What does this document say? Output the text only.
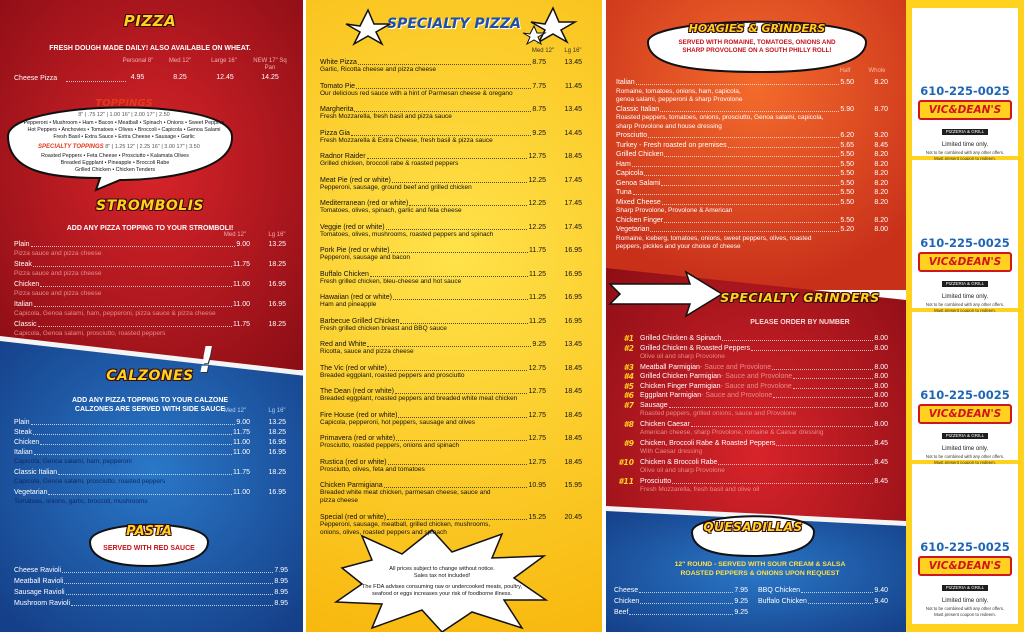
PIZZA
FRESH DOUGH MADE DAILY! ALSO AVAILABLE ON WHEAT.
Personal 8"	Med 12"	Large 16"	NEW 17" Sq Pan
Cheese Pizza	4.95	8.25	12.45	14.25
TOPPINGS
8" | .75 12" | 1.00 16" | 2.00 17" | 2.50
Pepperoni • Mushroom • Ham • Bacon • Meatball • Spinach • Onions • Sweet Peppers
Hot Peppers • Anchovies • Tomatoes • Olives • Broccoli • Capicola • Genoa Salami
Fresh Basil • Extra Sauce • Extra Cheese • Sausage • Garlic
SPECIALTY TOPPINGS 8" | 1.25 12" | 2.25 16" | 3.00 17" | 3.50
Roasted Peppers • Feta Cheese • Prosciutto • Kalamata Olives
Breaded Eggplant • Pineapple • Broccoli Rabe
Grilled Chicken • Chicken Tenders
STROMBOLIS
ADD ANY PIZZA TOPPING TO YOUR STROMBOLI!
Med 12"	Lg 16"
CALZONES !
ADD ANY PIZZA TOPPING TO YOUR CALZONE
CALZONES ARE SERVED WITH SIDE SAUCE
Med 12"	Lg 16"
PASTA
SERVED WITH RED SAUCE
SPECIALTY PIZZA
Med 12"	Lg 16"
All prices subject to change without notice.
Sales tax not included!
The FDA advises consuming raw or undercooked meats, poultry,
seafood or eggs increases your risk of foodborne illness.
HOAGIES & GRINDERS
SERVED WITH ROMAINE, TOMATOES, ONIONS AND
SHARP PROVOLONE ON A SOUTH PHILLY ROLL!
Half	Whole
SPECIALTY GRINDERS
PLEASE ORDER BY NUMBER
QUESADILLAS
12" ROUND - SERVED WITH SOUR CREAM & SALSA
ROASTED PEPPERS & ONIONS UPON REQUEST
Plain	9.00	13.25
Pizza sauce and pizza cheese
Steak	11.75	18.25
Pizza sauce and pizza cheese
Chicken	11.00	16.95
Pizza sauce and pizza cheese
Italian	11.00	16.95
Capicola, Genoa salami, ham, pepperoni, pizza sauce & pizza cheese
Classic	11.75	18.25
Capicola, Genoa salami, prosciutto, roasted peppers
Plain	9.00	13.25
Steak	11.75	18.25
Chicken	11.00	16.95
Italian	11.00	16.95
Capicola, Genoa salami, ham, pepperoni
Classic Italian	11.75	18.25
Capicola, Genoa salami, prosciutto, roasted peppers
Vegetarian	11.00	16.95
Tomatoes, onions, garlic, broccoli, mushrooms
Cheese Ravioli	7.95
Meatball Ravioli	8.95
Sausage Ravioli	8.95
Mushroom Ravioli	8.95
White Pizza	8.75	13.45
Garlic, Ricotta cheese and pizza cheese
Tomato Pie	7.75	11.45
Our delicious red sauce with a hint of Parmesan cheese & oregano
Margherita	8.75	13.45
Fresh Mozzarella, fresh basil and pizza sauce
Pizza Gia	9.25	14.45
Fresh Mozzarella & Extra Cheese, fresh basil & pizza sauce
Radnor Raider	12.75	18.45
Grilled chicken, broccoli rabe & roasted peppers
Meat Pie (red or white)	12.25	17.45
Pepperoni, sausage, ground beef and grilled chicken
Mediterranean (red or white)	12.25	17.45
Tomatoes, olives, spinach, garlic and feta cheese
Veggie (red or white)	12.25	17.45
Tomatoes, olives, mushrooms, roasted peppers and spinach
Pork Pie (red or white)	11.75	16.95
Pepperoni, sausage and bacon
Buffalo Chicken	11.25	16.95
Fresh grilled chicken, bleu-cheese and hot sauce
Hawaiian (red or white)	11.25	16.95
Ham and pineapple
Barbecue Grilled Chicken	11.25	16.95
Fresh grilled chicken breast and BBQ sauce
Red and White	9.25	13.45
Ricotta, sauce and pizza cheese
The Vic (red or white)	12.75	18.45
Breaded eggplant, roasted peppers and prosciutto
The Dean (red or white)	12.75	18.45
Breaded eggplant, roasted peppers and breaded white meat chicken
Fire House (red or white)	12.75	18.45
Capicola, pepperoni, hot peppers, sausage and olives
Primavera (red or white)	12.75	18.45
Prosciutto, roasted peppers, onions and spinach
Rustica (red or white)	12.75	18.45
Prosciutto, olives, feta and tomatoes
Chicken Parmigiana	10.95	15.95
Breaded white meat chicken, parmesan cheese, sauce and
pizza cheese
Special (red or white)	15.25	20.45
Pepperoni, sausage, meatball, grilled chicken, mushrooms,
onions, olives, roasted peppers and spinach
Italian	5.50	8.20
Romaine, tomatoes, onions, ham, capicola,
genoa salami, pepperoni & sharp Provolone
Classic Italian	5.90	8.70
Roasted peppers, tomatoes, onions, prosciutto, Genoa salami, capicola,
sharp Provolone and house dressing
Prosciutto	6.20	9.20
Turkey - Fresh roasted on premises	5.65	8.45
Grilled Chicken	5.50	8.20
Ham	5.50	8.20
Capicola	5.50	8.20
Genoa Salami	5.50	8.20
Tuna	5.50	8.20
Mixed Cheese	5.50	8.20
Sharp Provolone, Provolone & American
Chicken Finger	5.50	8.20
Vegetarian	5.20	8.00
Romaine, iceberg, tomatoes, onions, sweet peppers, olives, roasted
peppers, pickles and your choice of cheese
#1 Grilled Chicken & Spinach	8.00
#2 Grilled Chicken & Roasted Peppers	8.00
Olive oil and sharp Provolone
#3 Meatball Parmigian - Sauce and Provolone	8.00
#4 Grilled Chicken Parmigian - Sauce and Provolone	8.00
#5 Chicken Finger Parmigian - Sauce and Provolone	8.00
#6 Eggplant Parmigian - Sauce and Provolone	8.00
#7 Sausage	8.00
Roasted peppers, grilled onions, sauce and Provolone
#8 Chicken Caesar	8.00
American cheese, sharp Provolone, romaine & Caesar dressing
#9 Chicken, Broccoli Rabe & Roasted Peppers	8.45
With Caesar dressing
#10 Chicken & Broccoli Rabe	8.45
Olive oil and sharp Provolone
#11 Prosciutto	8.45
Fresh Mozzarella, fresh basil and olive oil
Cheese	7.95
Chicken	9.25
Beef	9.25
BBQ Chicken	9.40
Buffalo Chicken	9.40
610-225-0025
VIC&DEAN'S
PIZZERIA & GRILL
Limited time only.
Not to be combined with any other offers.
Must present coupon to redeem.
610-225-0025
VIC&DEAN'S
PIZZERIA & GRILL
Limited time only.
Not to be combined with any other offers.
Must present coupon to redeem.
610-225-0025
VIC&DEAN'S
PIZZERIA & GRILL
Limited time only.
Not to be combined with any other offers.
Must present coupon to redeem.
610-225-0025
VIC&DEAN'S
PIZZERIA & GRILL
Limited time only.
Not to be combined with any other offers.
Must present coupon to redeem.
